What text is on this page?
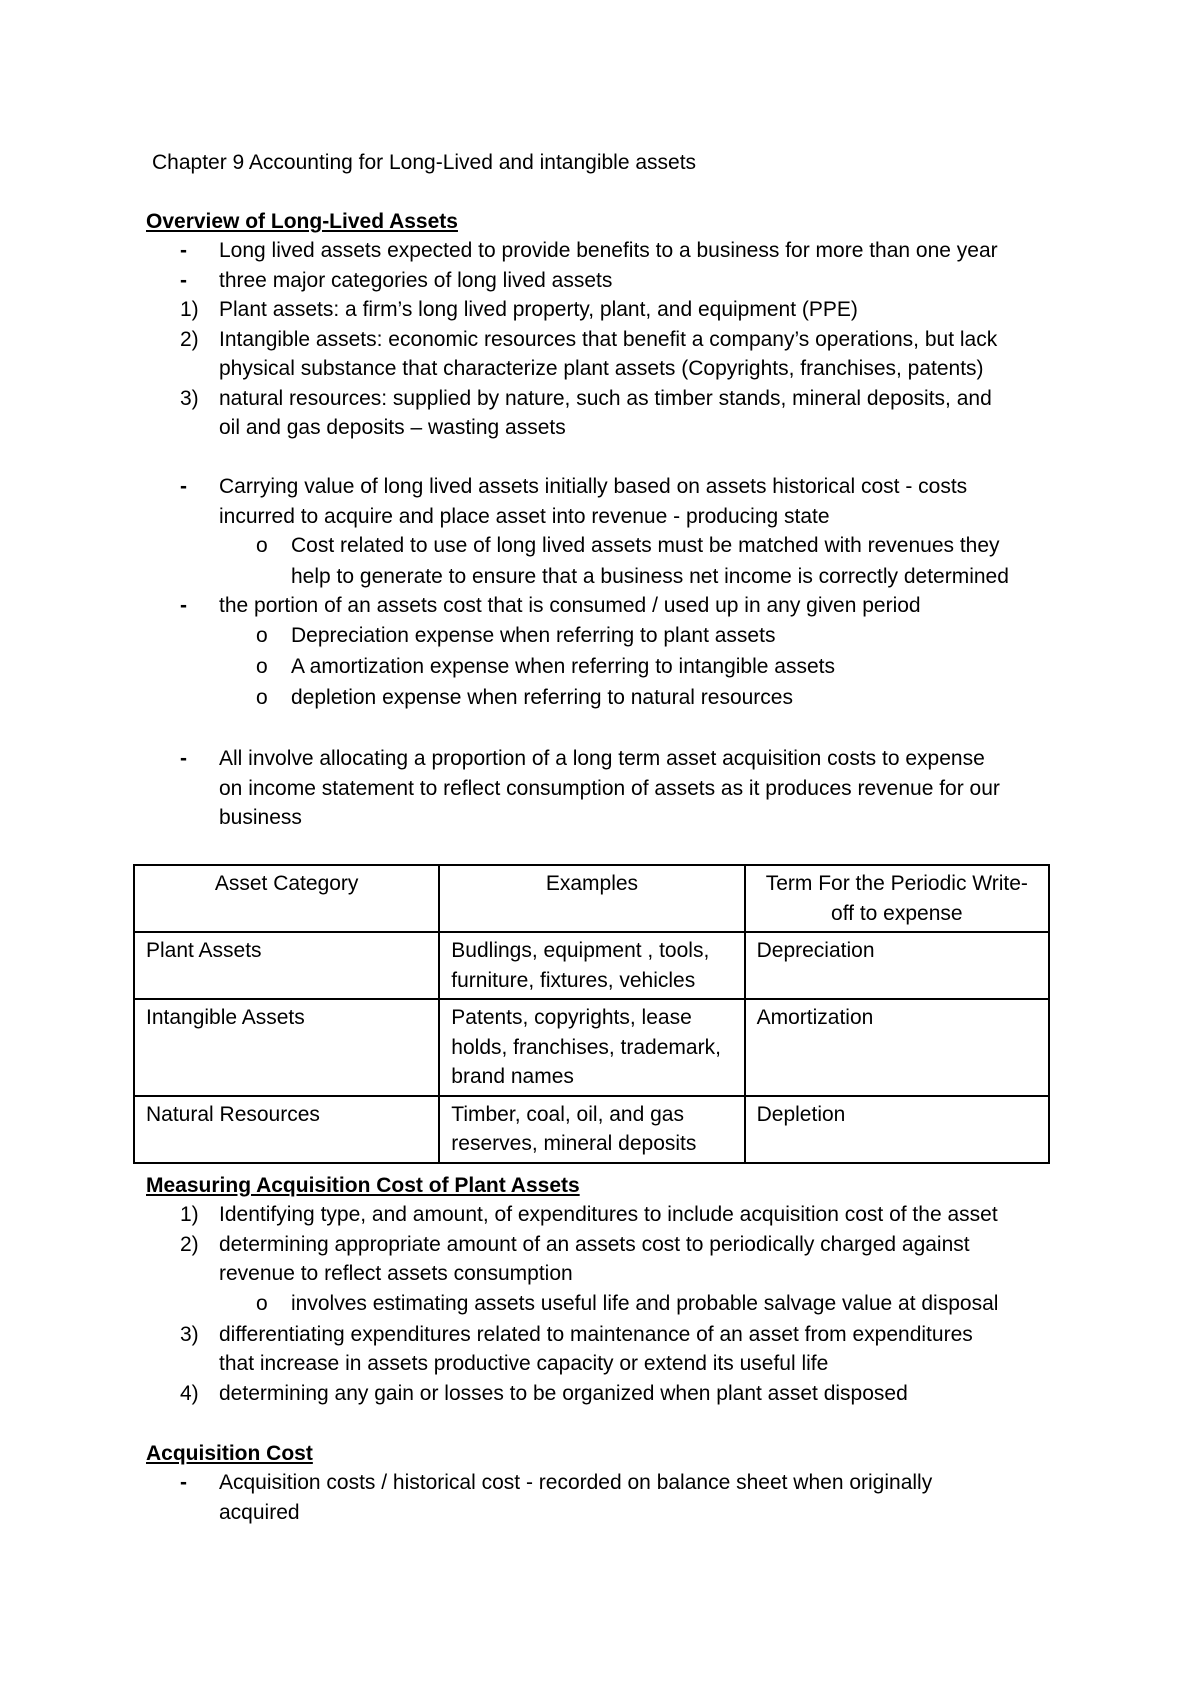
Chapter 9 Accounting for Long-Lived and intangible assets
Overview of Long-Lived Assets
-	Long lived assets expected to provide benefits to a business for more than one year
-	three major categories of long lived assets
1) Plant assets: a firm’s long lived property, plant, and equipment (PPE)
2) Intangible assets: economic resources that benefit a company’s operations, but lack
physical substance that characterize plant assets (Copyrights, franchises, patents)
3) natural resources: supplied by nature, such as timber stands, mineral deposits, and
oil and gas deposits – wasting assets
-	Carrying value of long lived assets initially based on assets historical cost - costs
incurred to acquire and place asset into revenue - producing state
o Cost related to use of long lived assets must be matched with revenues they
help to generate to ensure that a business net income is correctly determined
-	the portion of an assets cost that is consumed / used up in any given period
o Depreciation expense when referring to plant assets
o A amortization expense when referring to intangible assets
o depletion expense when referring to natural resources
-	All involve allocating a proportion of a long term asset acquisition costs to expense
on income statement to reflect consumption of assets as it produces revenue for our
business
Asset Category	Examples	Term For the Periodic Write-off to expense
Plant Assets	Budlings, equipment , tools, furniture, fixtures, vehicles	Depreciation
Intangible Assets	Patents, copyrights, lease holds, franchises, trademark, brand names	Amortization
Natural Resources	Timber, coal, oil, and gas reserves, mineral deposits	Depletion
Measuring Acquisition Cost of Plant Assets
1) Identifying type, and amount, of expenditures to include acquisition cost of the asset
2) determining appropriate amount of an assets cost to periodically charged against
revenue to reflect assets consumption
o involves estimating assets useful life and probable salvage value at disposal
3) differentiating expenditures related to maintenance of an asset from expenditures
that increase in assets productive capacity or extend its useful life
4) determining any gain or losses to be organized when plant asset disposed
Acquisition Cost
-	Acquisition costs / historical cost - recorded on balance sheet when originally
acquired
